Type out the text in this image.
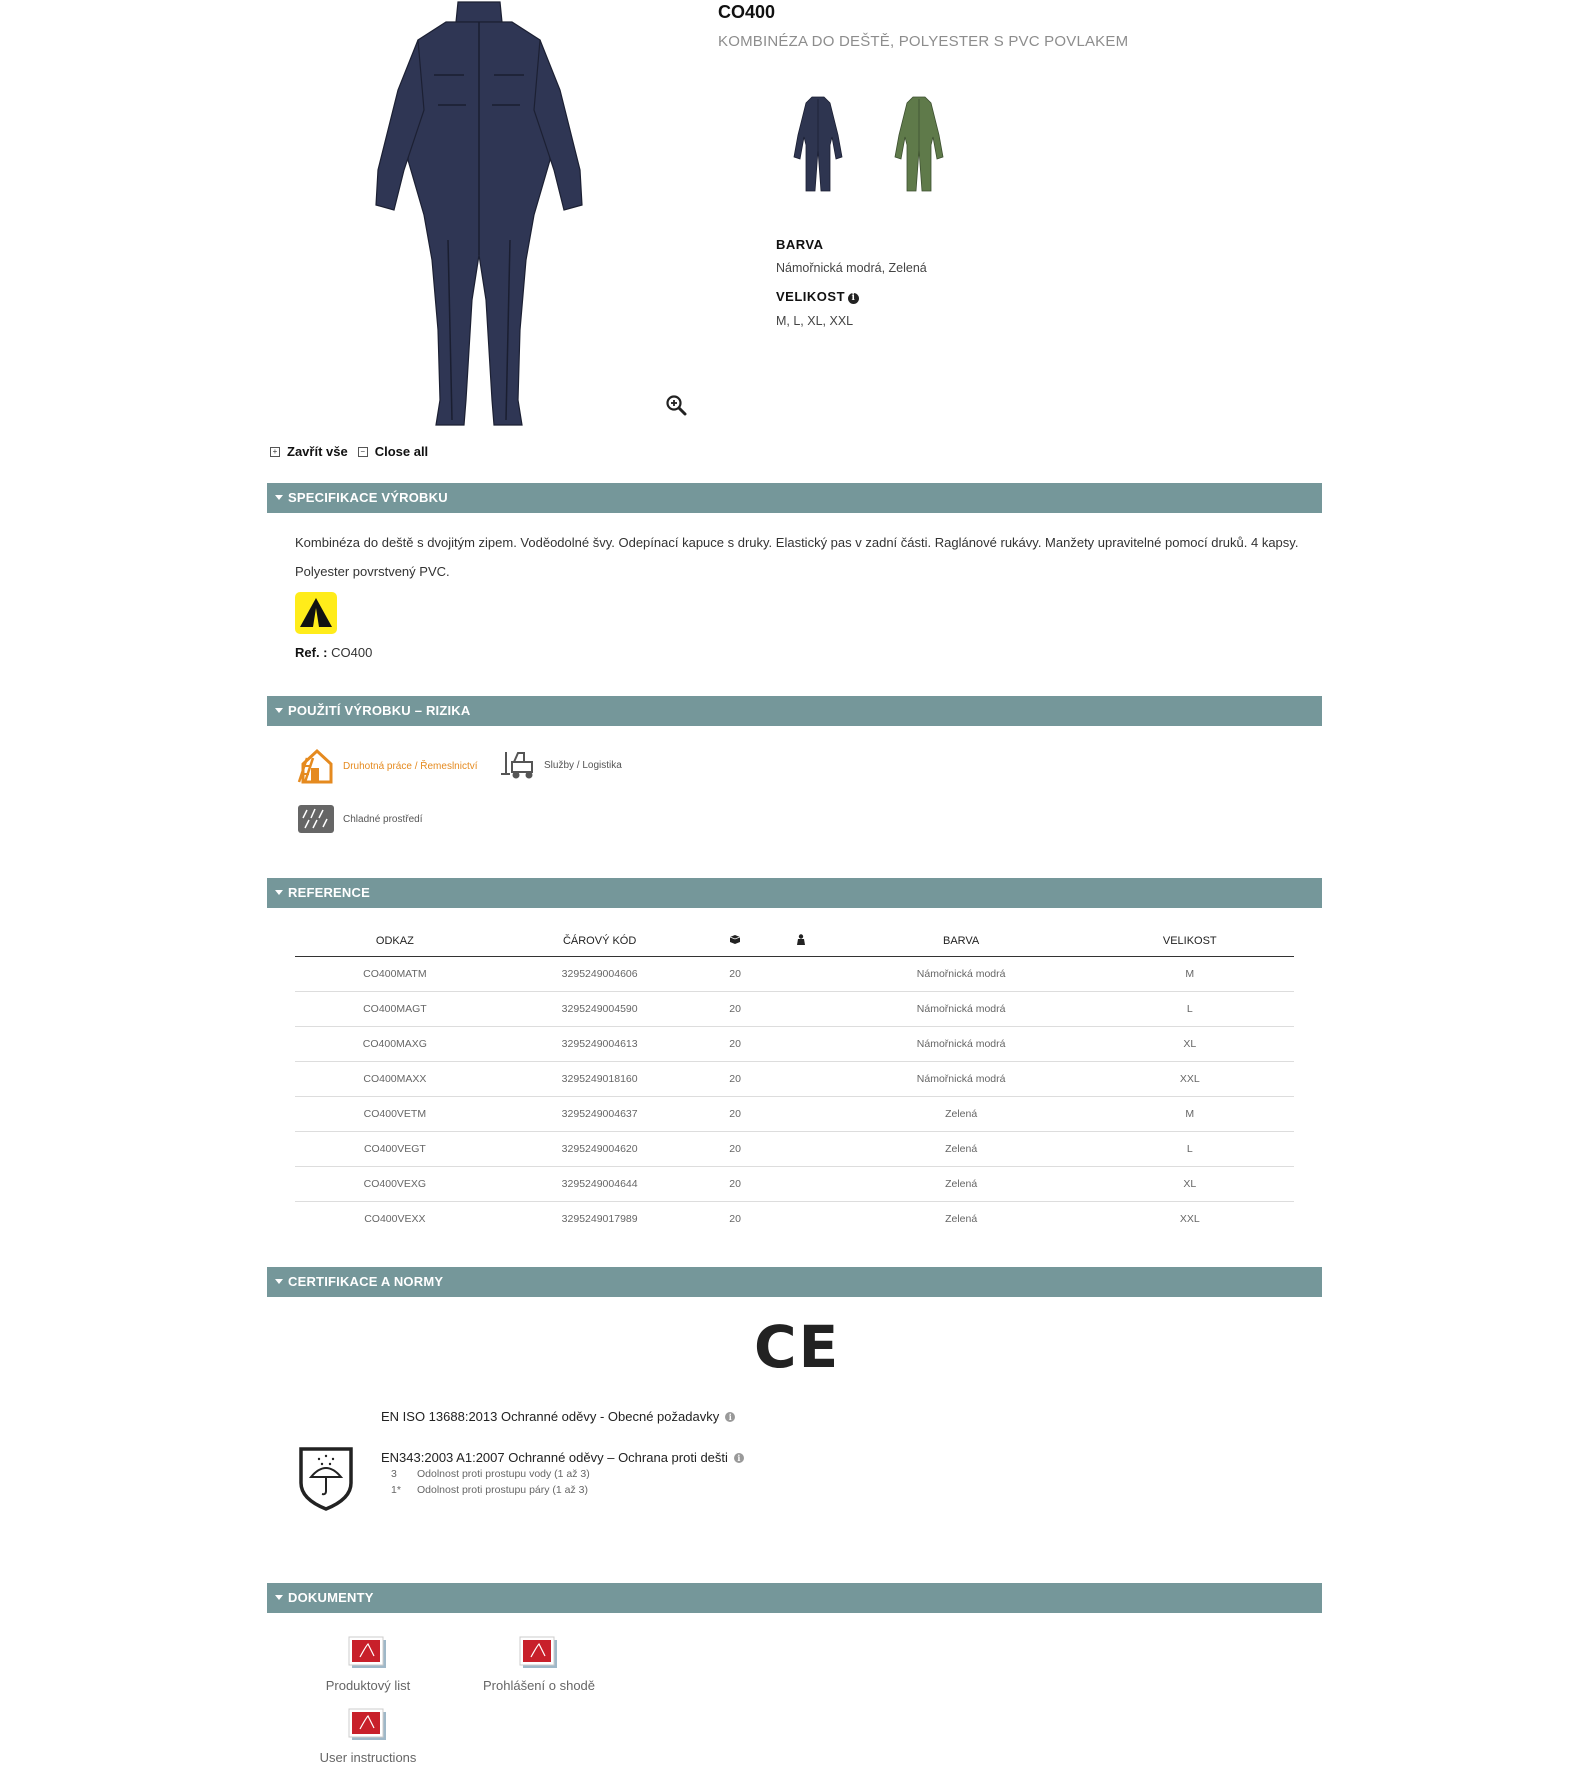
CO400
KOMBINÉZA DO DEŠTĚ, POLYESTER S PVC POVLAKEM
BARVA
Námořnická modrá, Zelená
VELIKOST i
M, L, XL, XXL
+ Zavřít vše	− Close all
SPECIFIKACE VÝROBKU
Kombinéza do deště s dvojitým zipem. Voděodolné švy. Odepínací kapuce s druky. Elastický pas v zadní části. Raglánové rukávy. Manžety upravitelné pomocí druků. 4 kapsy.
Polyester povrstvený PVC.
Ref. : CO400
POUŽITÍ VÝROBKU – RIZIKA
Druhotná práce / Řemeslnictví	Služby / Logistika
Chladné prostředí
REFERENCE
ODKAZ	ČÁROVÝ KÓD			BARVA	VELIKOST
CO400MATM	3295249004606	20		Námořnická modrá	M
CO400MAGT	3295249004590	20		Námořnická modrá	L
CO400MAXG	3295249004613	20		Námořnická modrá	XL
CO400MAXX	3295249018160	20		Námořnická modrá	XXL
CO400VETM	3295249004637	20		Zelená	M
CO400VEGT	3295249004620	20		Zelená	L
CO400VEXG	3295249004644	20		Zelená	XL
CO400VEXX	3295249017989	20		Zelená	XXL
CERTIFIKACE A NORMY
CE
EN ISO 13688:2013 Ochranné oděvy - Obecné požadavky i
EN343:2003 A1:2007 Ochranné oděvy – Ochrana proti dešti i
3 Odolnost proti prostupu vody (1 až 3)
1* Odolnost proti prostupu páry (1 až 3)
DOKUMENTY
Produktový list	Prohlášení o shodě
User instructions
